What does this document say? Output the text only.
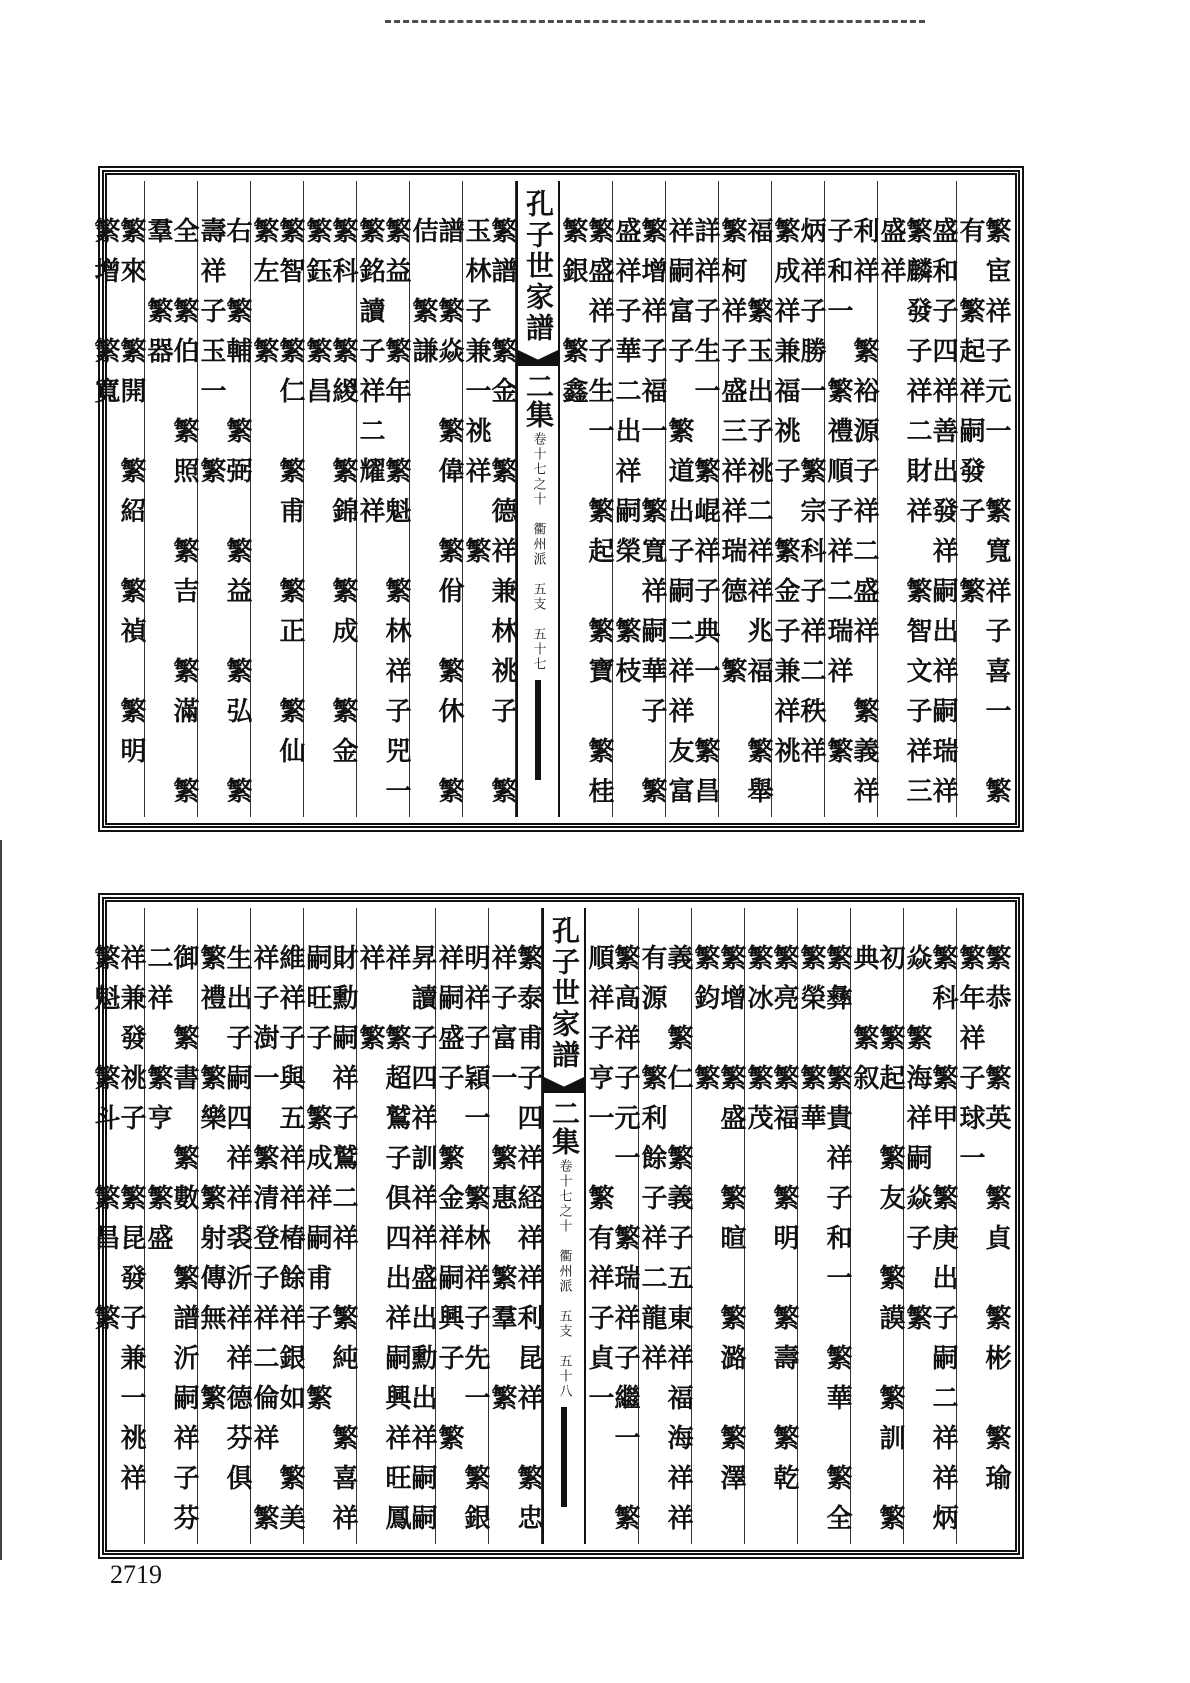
繁宦祥子元一　繁寬祥子喜一　繁有　繁起祥嗣發子　繁
盛和子四祥善出發祥嗣出祥嗣瑞祥　繁麟發子祥二財祥　繁智文子祥三盛祥
利祥　繁裕源子祥二盛祥　繁義祥子和一　繁禮順子祥二瑞祥　繁
炳祥子勝一　繁宗科子祥二秩祥　繁成祥兼福祧子　繁金子兼祥祧
福　繁玉出子祧二祥祥兆福　繁舉　繁柯祥子盛三祥祥瑞德　繁
詳祥子生一　繁崐祥子典一　繁昌祥嗣富子　繁道出子嗣二祥祥友富
繁增祥子福一　繁寬祥嗣華子　繁盛祥子華二出祥嗣榮　繁枝
繁盛祥子生一　繁起　繁寶　繁桂　繁銀　繁鑫
孔子世家譜
二集
卷十七之十　衢州派　五支　五十七
繁譜　繁金　繁德祥兼林祧子　繁玉林子兼一祧祥　繁
譜　繁焱　繁偉　繁佾　繁休　繁佶　繁謙
繁益　繁年　繁魁　繁林祥子兕一　繁銘讀子祥二耀祥
繁科　繁緵　繁錦　繁成　繁金　繁鈺　繁昌
繁智　繁仁　繁甫　繁正　繁仙　繁左　繁
右　繁輔　繁弼　繁益　繁弘　繁壽祥子玉一　繁
全　繁伯　繁照　繁吉　繁滿　繁羣　繁器
繁來　繁開　繁紹　繁禎　繁明　繁增　繁寬
繁恭　繁英　繁貞　繁彬　繁瑜　繁年祥子球一
繁科　繁甲　繁庚出子嗣二祥祥炳焱　繁海祥嗣焱子　繁
初　繁起　繁友　繁謨　繁訓　繁典　繁叙
繁彝　繁貴祥子和一　繁華　繁全　繁榮　繁華
繁亮　繁福　繁明　繁壽　繁乾　繁冰　繁茂
繁增　繁盛　繁暄　繁潞　繁澤　繁鈞　繁
義　繁仁　繁義子五東祥福海祥祥有源　繁利餘子祥二龍祥
繁高祥子元一　繁瑞祥子繼一　繁順祥子亨一　繁有祥子貞一
孔子世家譜
二集
卷十七之十　衢州派　五支　五十八
繁泰甫子四祥経祥祥利昆祥　繁忠祥子富一　繁惠　繁羣　繁
明祥子穎一　繁林祥子先一　繁銀祥嗣盛子　繁金祥嗣興子　繁
昇讀子四祥訓祥祥盛出勳出祥嗣嗣祥　繁超鷲子俱四出祥嗣興祥旺鳳祥　繁
財勳嗣祥子鷲二祥　繁純　繁喜祥嗣旺子　繁成祥嗣甫子　繁
維祥子與五祥祥椿餘祥銀如　繁美祥子澍一　繁清登子祥二倫祥　繁
生出子嗣四祥祥裘沂祥祥德芬俱　繁禮　繁樂　繁射傳無　繁
御　繁書　繁數　繁譜沂嗣祥子芬二祥　繁亨　繁盛
祥兼發祧子　繁昆發子兼一祧祥　繁魁　繁斗　繁昌　繁
2719
